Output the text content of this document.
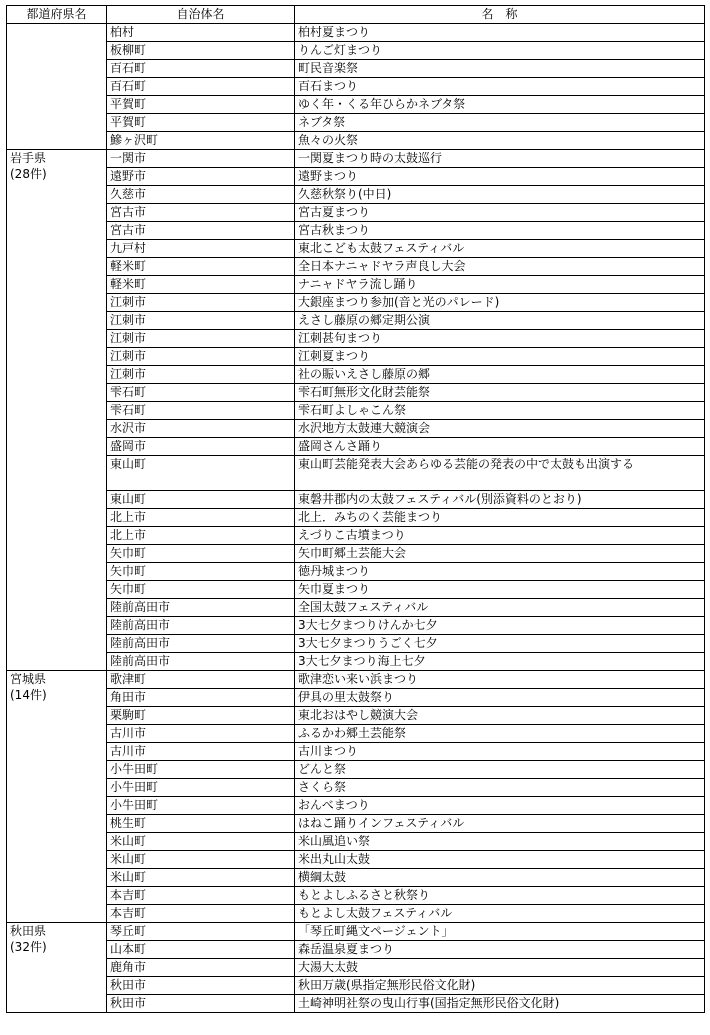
都道府県名	自治体名	名　称
	柏村	柏村夏まつり
	板柳町	りんご灯まつり
	百石町	町民音楽祭
	百石町	百石まつり
	平賀町	ゆく年・くる年ひらかネブタ祭
	平賀町	ネブタ祭
	鰺ヶ沢町	魚々の火祭
岩手県
(28件)	一関市	一関夏まつり時の太鼓巡行
	遠野市	遠野まつり
	久慈市	久慈秋祭り(中日)
	宮古市	宮古夏まつり
	宮古市	宮古秋まつり
	九戸村	東北こども太鼓フェスティバル
	軽米町	全日本ナニャドヤラ声良し大会
	軽米町	ナニャドヤラ流し踊り
	江刺市	大銀座まつり参加(音と光のパレード)
	江刺市	えさし藤原の郷定期公演
	江刺市	江刺甚句まつり
	江刺市	江刺夏まつり
	江刺市	社の賑いえさし藤原の郷
	雫石町	雫石町無形文化財芸能祭
	雫石町	雫石町よしゃこん祭
	水沢市	水沢地方太鼓連大競演会
	盛岡市	盛岡さんさ踊り
	東山町	東山町芸能発表大会あらゆる芸能の発表の中で太鼓も出演する
	東山町	東磐井郡内の太鼓フェスティバル(別添資料のとおり)
	北上市	北上．みちのく芸能まつり
	北上市	えづりこ古墳まつり
	矢巾町	矢巾町郷土芸能大会
	矢巾町	徳丹城まつり
	矢巾町	矢巾夏まつり
	陸前高田市	全国太鼓フェスティバル
	陸前高田市	3大七夕まつりけんか七夕
	陸前高田市	3大七夕まつりうごく七夕
	陸前高田市	3大七夕まつり海上七夕
宮城県
(14件)	歌津町	歌津恋い来い浜まつり
	角田市	伊具の里太鼓祭り
	栗駒町	東北おはやし競演大会
	古川市	ふるかわ郷土芸能祭
	古川市	古川まつり
	小牛田町	どんと祭
	小牛田町	さくら祭
	小牛田町	おんべまつり
	桃生町	はねこ踊りインフェスティバル
	米山町	米山風追い祭
	米山町	米出丸山太鼓
	米山町	横綱太鼓
	本吉町	もとよしふるさと秋祭り
	本吉町	もとよし太鼓フェスティバル
秋田県
(32件)	琴丘町	「琴丘町縄文ページェント」
	山本町	森岳温泉夏まつり
	鹿角市	大湯大太鼓
	秋田市	秋田万歳(県指定無形民俗文化財)
	秋田市	土崎神明社祭の曳山行事(国指定無形民俗文化財)
